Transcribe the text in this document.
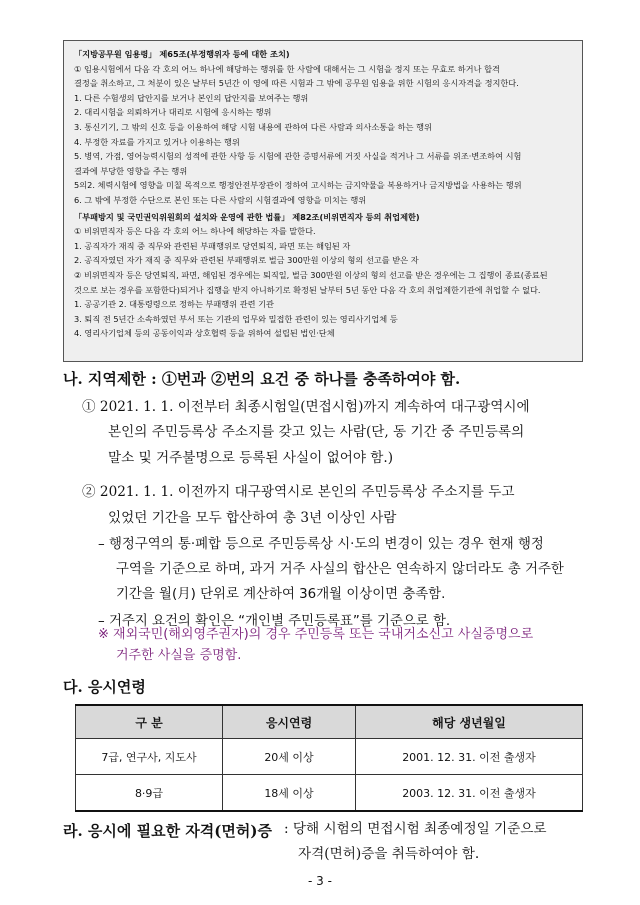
「지방공무원 임용령」 제65조(부정행위자 등에 대한 조치)
① 임용시험에서 다음 각 호의 어느 하나에 해당하는 행위를 한 사람에 대해서는 그 시험을 정지 또는 무효로 하거나 합격
결정을 취소하고, 그 처분이 있은 날부터 5년간 이 영에 따른 시험과 그 밖에 공무원 임용을 위한 시험의 응시자격을 정지한다.
1. 다른 수험생의 답안지를 보거나 본인의 답안지를 보여주는 행위
2. 대리시험을 의뢰하거나 대리로 시험에 응시하는 행위
3. 통신기기, 그 밖의 신호 등을 이용하여 해당 시험 내용에 관하여 다른 사람과 의사소통을 하는 행위
4. 부정한 자료를 가지고 있거나 이용하는 행위
5. 병역, 가점, 영어능력시험의 성적에 관한 사항 등 시험에 관한 증명서류에 거짓 사실을 적거나 그 서류를 위조·변조하여 시험
결과에 부당한 영향을 주는 행위
5의2. 체력시험에 영향을 미칠 목적으로 행정안전부장관이 정하여 고시하는 금지약물을 복용하거나 금지방법을 사용하는 행위
6. 그 밖에 부정한 수단으로 본인 또는 다른 사람의 시험결과에 영향을 미치는 행위
「부패방지 및 국민권익위원회의 설치와 운영에 관한 법률」 제82조(비위면직자 등의 취업제한)
① 비위면직자 등은 다음 각 호의 어느 하나에 해당하는 자를 말한다.
1. 공직자가 재직 중 직무와 관련된 부패행위로 당연퇴직, 파면 또는 해임된 자
2. 공직자였던 자가 재직 중 직무와 관련된 부패행위로 벌금 300만원 이상의 형의 선고를 받은 자
② 비위면직자 등은 당연퇴직, 파면, 해임된 경우에는 퇴직일, 벌금 300만원 이상의 형의 선고를 받은 경우에는 그 집행이 종료(종료된
것으로 보는 경우를 포함한다)되거나 집행을 받지 아니하기로 확정된 날부터 5년 동안 다음 각 호의 취업제한기관에 취업할 수 없다.
1. 공공기관 2. 대통령령으로 정하는 부패행위 관련 기관
3. 퇴직 전 5년간 소속하였던 부서 또는 기관의 업무와 밀접한 관련이 있는 영리사기업체 등
4. 영리사기업체 등의 공동이익과 상호협력 등을 위하여 설립된 법인·단체
나. 지역제한 : ①번과 ②번의 요건 중 하나를 충족하여야 함.
① 2021. 1. 1. 이전부터 최종시험일(면접시험)까지 계속하여 대구광역시에
본인의 주민등록상 주소지를 갖고 있는 사람(단, 동 기간 중 주민등록의
말소 및 거주불명으로 등록된 사실이 없어야 함.)
② 2021. 1. 1. 이전까지 대구광역시로 본인의 주민등록상 주소지를 두고
있었던 기간을 모두 합산하여 총 3년 이상인 사람
– 행정구역의 통·폐합 등으로 주민등록상 시·도의 변경이 있는 경우 현재 행정
구역을 기준으로 하며, 과거 거주 사실의 합산은 연속하지 않더라도 총 거주한
기간을 월(月) 단위로 계산하여 36개월 이상이면 충족함.
– 거주지 요건의 확인은 “개인별 주민등록표”를 기준으로 함.
※ 재외국민(해외영주권자)의 경우 주민등록 또는 국내거소신고 사실증명으로
거주한 사실을 증명함.
다. 응시연령
구 분	응시연령	해당 생년월일
7급, 연구사, 지도사	20세 이상	2001. 12. 31. 이전 출생자
8·9급	18세 이상	2003. 12. 31. 이전 출생자
라. 응시에 필요한 자격(면허)증 : 당해 시험의 면접시험 최종예정일 기준으로
자격(면허)증을 취득하여야 함.
- 3 -
